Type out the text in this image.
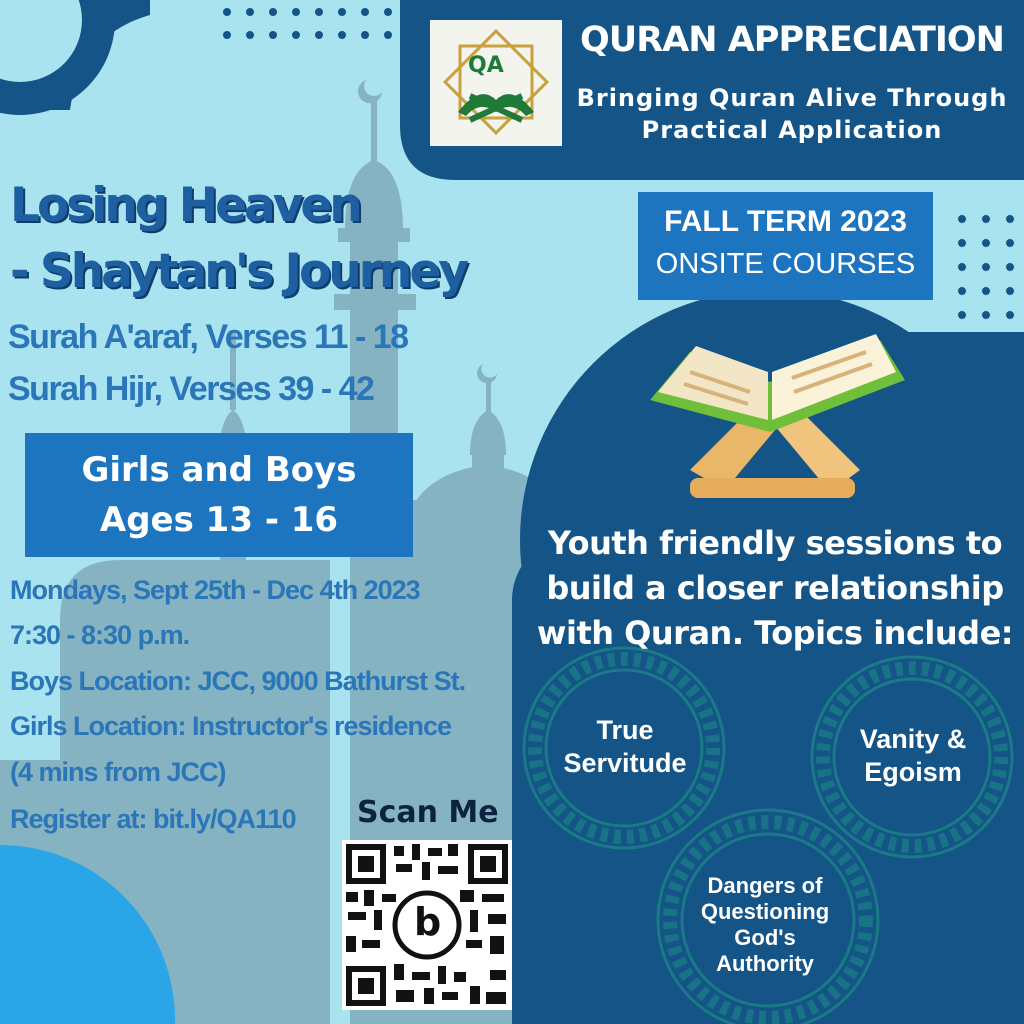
QA
QURAN APPRECIATION
Bringing Quran Alive Through
Practical Application
Losing Heaven
- Shaytan's Journey
Surah A'araf, Verses 11 - 18
Surah Hijr, Verses 39 - 42
Girls and Boys
Ages 13 - 16
Mondays, Sept 25th - Dec 4th 2023
7:30 - 8:30 p.m.
Boys Location: JCC, 9000 Bathurst St.
Girls Location: Instructor's residence
(4 mins from JCC)
Register at: bit.ly/QA110 Scan Me
b
FALL TERM 2023
ONSITE COURSES
Youth friendly sessions to
build a closer relationship
with Quran. Topics include:
True
Servitude
Vanity &
Egoism
Dangers of
Questioning
God's
Authority
